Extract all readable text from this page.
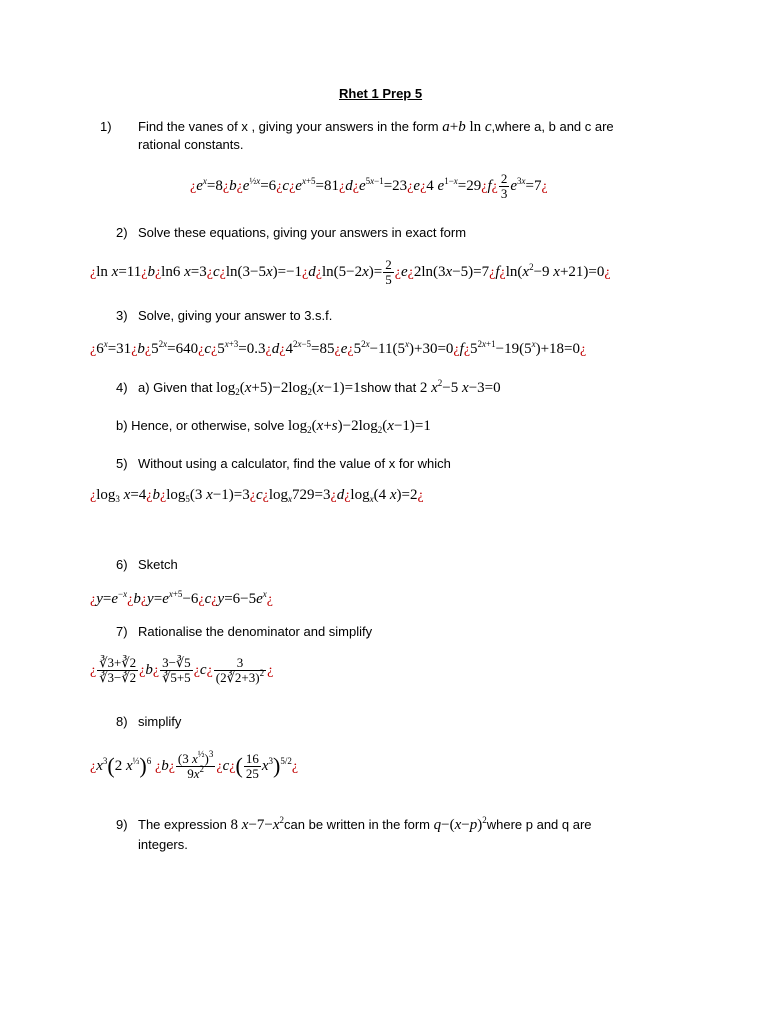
Rhet 1 Prep 5
1) Find the vanes of x , giving your answers in the form a+b ln c,where a, b and c are
rational constants.
¿$e^x=8¿b¿e^{\frac{1}{2}x}=6¿c¿e^{x+5}=81¿d¿e^{5x-1}=23¿e¿4$ $e^{1-x}=29¿f¿ \frac{2}{3}$ $e^{3x}=7¿$
2) Solve these equations, giving your answers in exact form
¿ln x=11¿b¿ln6 x=3¿c¿ln(3−5x)=−1¿d¿ln(5−2x)= $\frac{2}{5}$ ¿$e¿2\ln(3x-5)=7¿f¿\ln(x^2-9$ x+21)=0¿
3) Solve, giving your answer to 3.s.f.
¿$6^x=31¿b¿5^{2x}=640¿c¿5^{x+3}=0.3¿d¿4^{2x-5}=85¿e¿5^{2x}-11(5^x)+30=0¿f¿5^{2x+1}-19(5^x)+18=0¿$
4) a) Given that $\log_2(x+5)-2\log_2(x-1)=1show$ that 2 $x^2-5$ x−3=0
b) Hence, or otherwise, solve $\log_2(x+s)-2\log_2(x-1)=1$
5) Without using a calculator, find the value of x for which
¿$\log_3$ $x=4¿b¿\log_5(3$ $x-1)=3¿c¿\log_x729=3¿d¿\log_x(4$ x)=2¿
6) Sketch
¿$y=e^{-x}¿b¿y=e^{x+5}-6¿c¿y=6-5e^x¿$
7) Rationalise the denominator and simplify
¿ $\frac{∛3+∛2}{∛3-∛2}$ ¿b¿ $\frac{3-∛5}{∛5+5}$ ¿c¿ $\frac{3}{(2∛2+3)^2}$ ¿
8) simplify
¿$x^3(2$ $x^{\frac{1}{3}})^6$ ¿b¿ $\frac{(3 x^{\frac{1}{2}})^3}{9x^2}$ ¿c¿( $\frac{16}{25}$ $x^3)^{5/2}¿$
9) The expression 8 $x-7-x^2can$ be written in the form $q-(x-p)^2where$ p and q are
integers.
